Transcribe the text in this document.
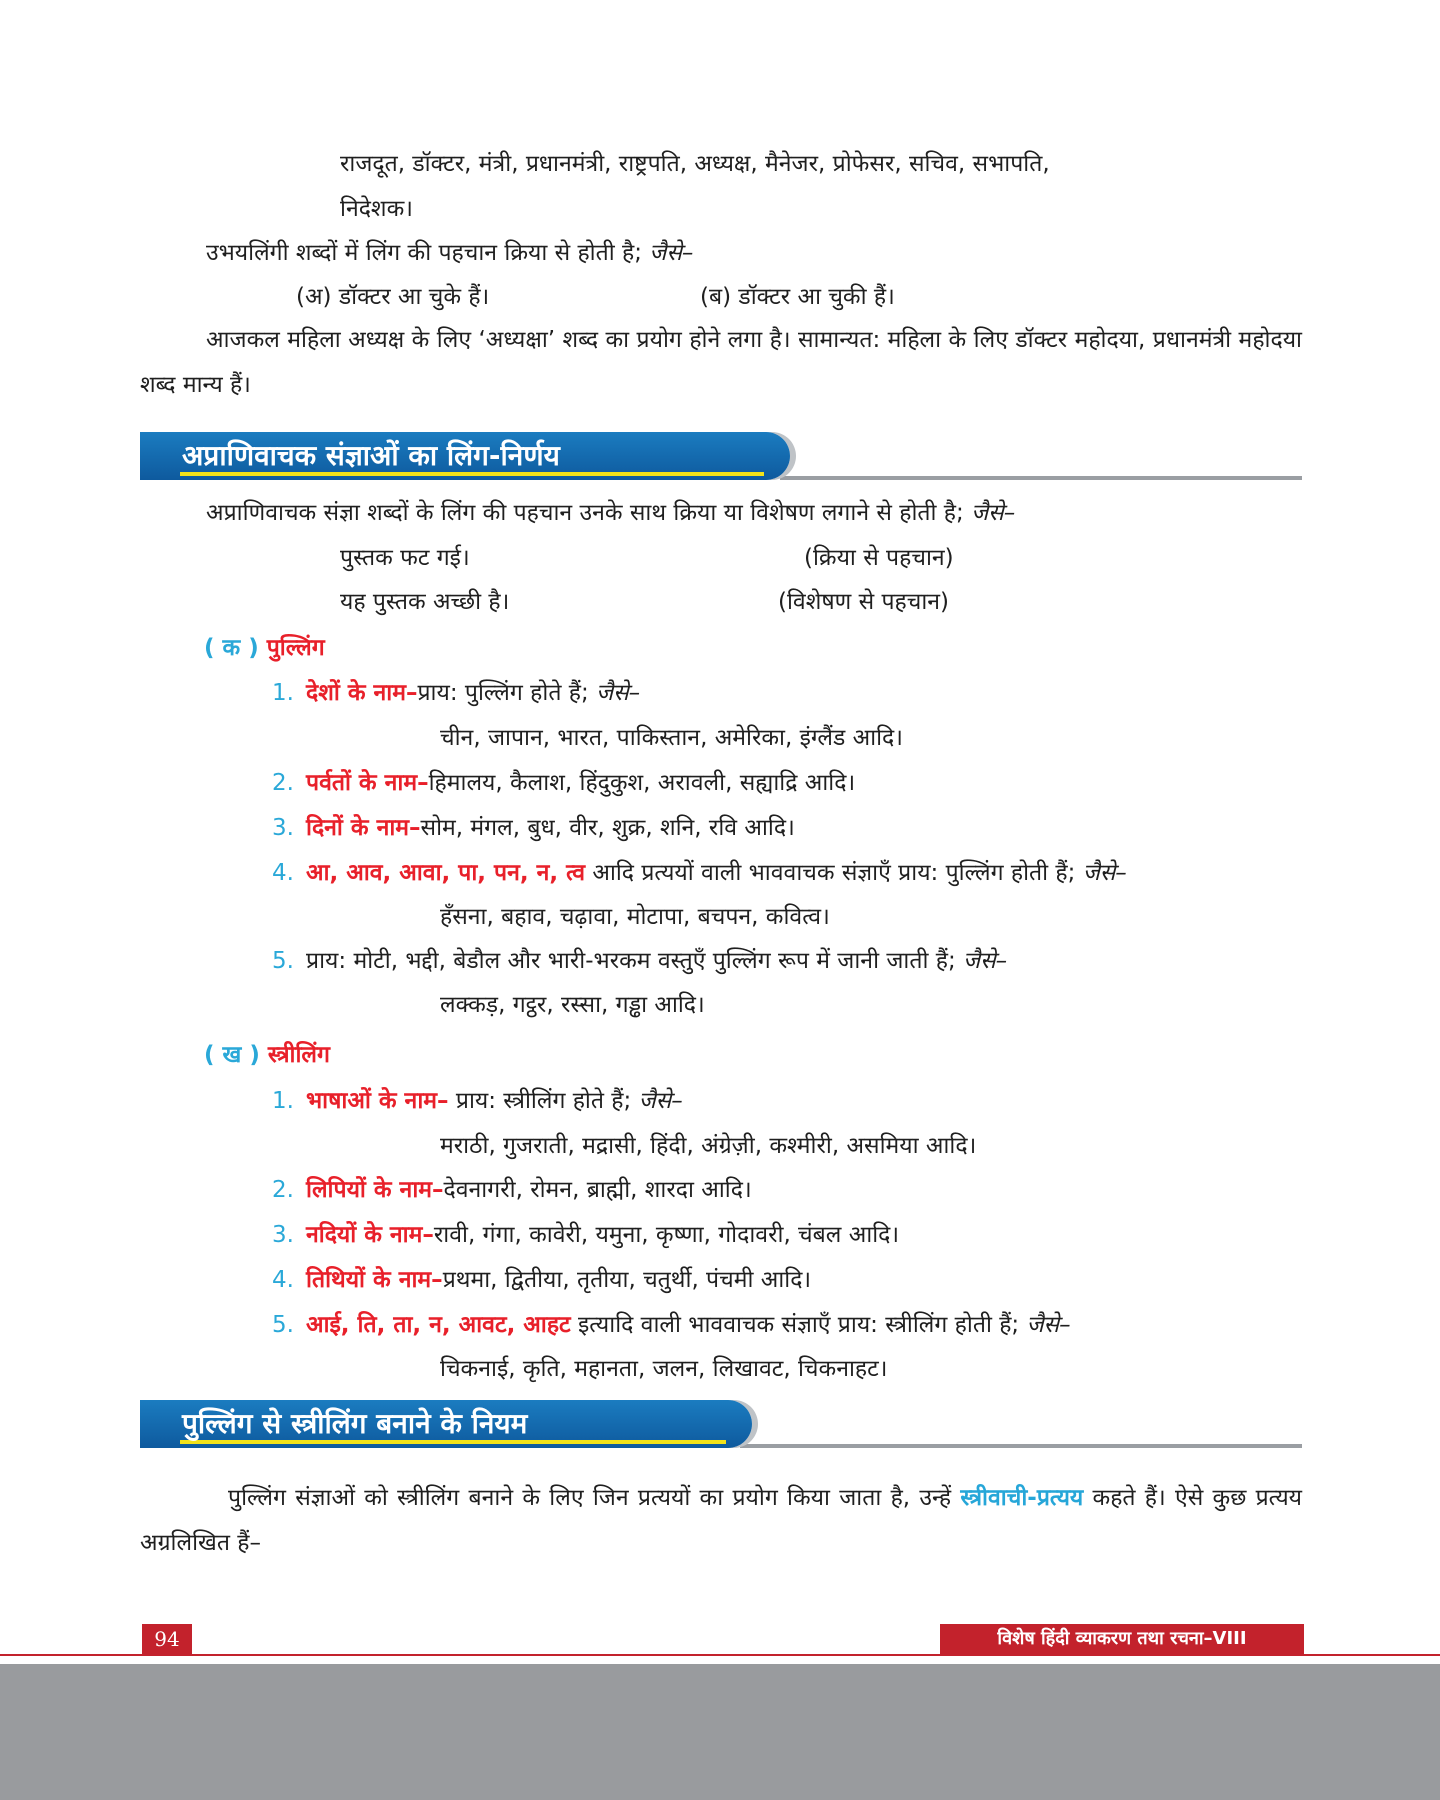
राजदूत, डॉक्टर, मंत्री, प्रधानमंत्री, राष्ट्रपति, अध्यक्ष, मैनेजर, प्रोफेसर, सचिव, सभापति,
निदेशक।
उभयलिंगी शब्दों में लिंग की पहचान क्रिया से होती है; जैसे–
(अ) डॉक्टर आ चुके हैं।	(ब) डॉक्टर आ चुकी हैं।
आजकल महिला अध्यक्ष के लिए ‘अध्यक्षा’ शब्द का प्रयोग होने लगा है। सामान्यत: महिला के लिए डॉक्टर महोदया, प्रधानमंत्री महोदया शब्द मान्य हैं।
अप्राणिवाचक संज्ञाओं का लिंग-निर्णय
अप्राणिवाचक संज्ञा शब्दों के लिंग की पहचान उनके साथ क्रिया या विशेषण लगाने से होती है; जैसे–
पुस्तक फट गई।	(क्रिया से पहचान)
यह पुस्तक अच्छी है।	(विशेषण से पहचान)
( क ) पुल्लिंग
1. देशों के नाम–प्राय: पुल्लिंग होते हैं; जैसे–
चीन, जापान, भारत, पाकिस्तान, अमेरिका, इंग्लैंड आदि।
2. पर्वतों के नाम–हिमालय, कैलाश, हिंदुकुश, अरावली, सह्याद्रि आदि।
3. दिनों के नाम–सोम, मंगल, बुध, वीर, शुक्र, शनि, रवि आदि।
4. आ, आव, आवा, पा, पन, न, त्व आदि प्रत्ययों वाली भाववाचक संज्ञाएँ प्राय: पुल्लिंग होती हैं; जैसे–
हँसना, बहाव, चढ़ावा, मोटापा, बचपन, कवित्व।
5. प्राय: मोटी, भद्दी, बेडौल और भारी-भरकम वस्तुएँ पुल्लिंग रूप में जानी जाती हैं; जैसे–
लक्कड़, गट्ठर, रस्सा, गड्ढा आदि।
( ख ) स्त्रीलिंग
1. भाषाओं के नाम– प्राय: स्त्रीलिंग होते हैं; जैसे–
मराठी, गुजराती, मद्रासी, हिंदी, अंग्रेज़ी, कश्मीरी, असमिया आदि।
2. लिपियों के नाम–देवनागरी, रोमन, ब्राह्मी, शारदा आदि।
3. नदियों के नाम–रावी, गंगा, कावेरी, यमुना, कृष्णा, गोदावरी, चंबल आदि।
4. तिथियों के नाम–प्रथमा, द्वितीया, तृतीया, चतुर्थी, पंचमी आदि।
5. आई, ति, ता, न, आवट, आहट इत्यादि वाली भाववाचक संज्ञाएँ प्राय: स्त्रीलिंग होती हैं; जैसे–
चिकनाई, कृति, महानता, जलन, लिखावट, चिकनाहट।
पुल्लिंग से स्त्रीलिंग बनाने के नियम
पुल्लिंग संज्ञाओं को स्त्रीलिंग बनाने के लिए जिन प्रत्ययों का प्रयोग किया जाता है, उन्हें स्त्रीवाची-प्रत्यय कहते हैं। ऐसे कुछ प्रत्यय अग्रलिखित हैं–
94	विशेष हिंदी व्याकरण तथा रचना–VIII
